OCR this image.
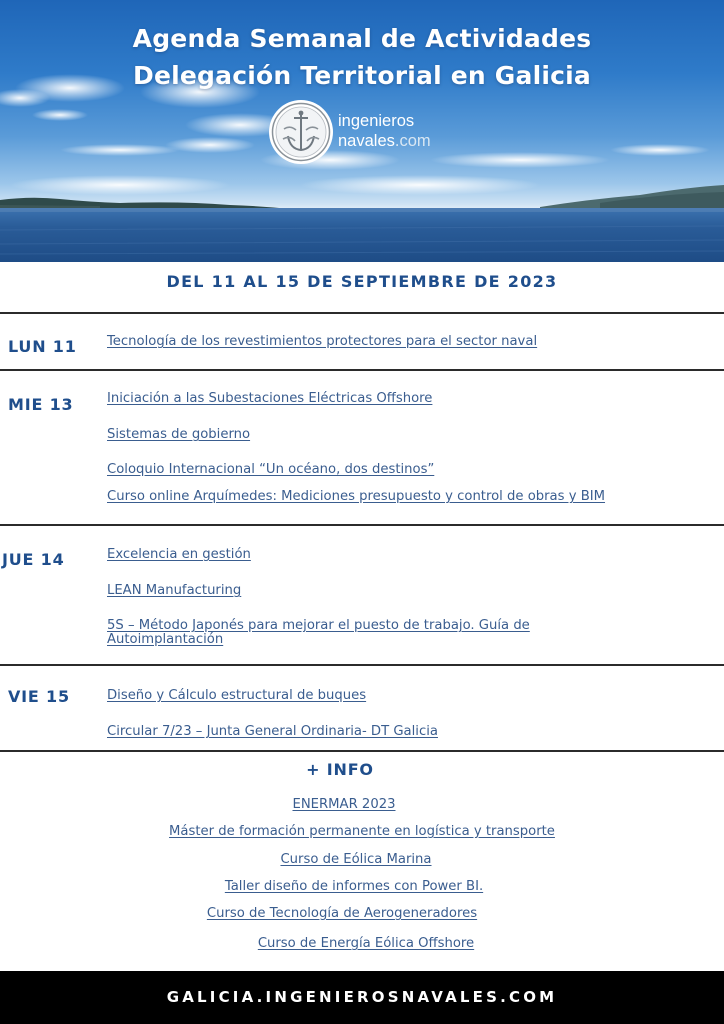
Agenda Semanal de Actividades
Delegación Territorial en Galicia
ingenieros
navales.com
DEL 11 AL 15 DE SEPTIEMBRE DE 2023
LUN 11 Tecnología de los revestimientos protectores para el sector naval
MIE 13	Iniciación a las Subestaciones Eléctricas Offshore
Sistemas de gobierno
Coloquio Internacional “Un océano, dos destinos”
Curso online Arquímedes: Mediciones presupuesto y control de obras y BIM
JUE 14	Excelencia en gestión
LEAN Manufacturing
5S – Método Japonés para mejorar el puesto de trabajo. Guía de Autoimplantación
VIE 15	Diseño y Cálculo estructural de buques
Circular 7/23 – Junta General Ordinaria- DT Galicia
+ INFO
ENERMAR 2023
Máster de formación permanente en logística y transporte
Curso de Eólica Marina
Taller diseño de informes con Power BI.
Curso de Tecnología de Aerogeneradores
Curso de Energía Eólica Offshore
GALICIA.INGENIEROSNAVALES.COM
